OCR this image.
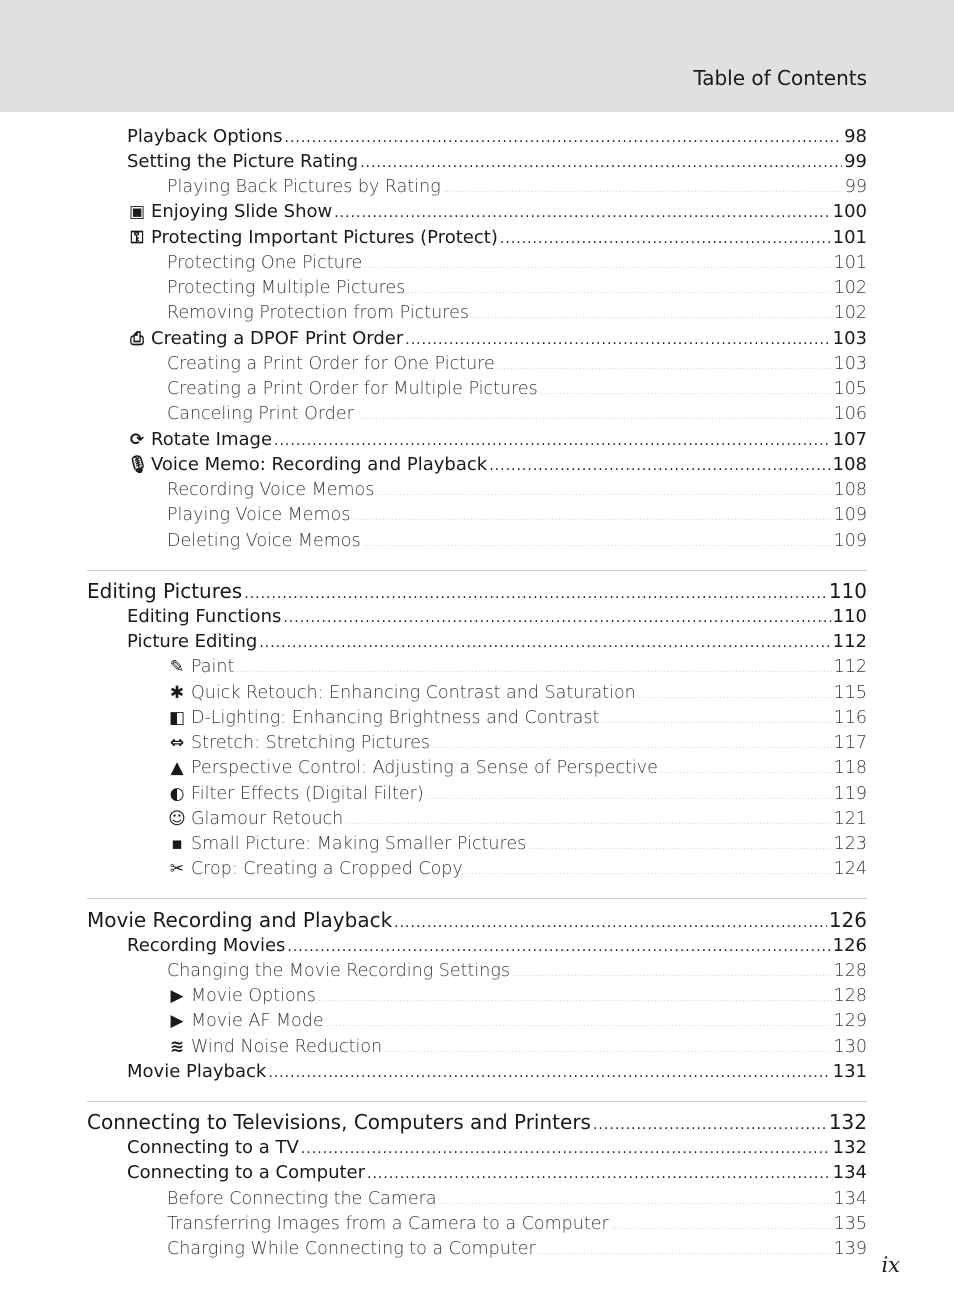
Table of Contents
Playback Options .....	98
Setting the Picture Rating .....	99
Playing Back Pictures by Rating .....	99
▣ Enjoying Slide Show .....	100
⚿ Protecting Important Pictures (Protect) .....	101
Protecting One Picture .....	101
Protecting Multiple Pictures .....	102
Removing Protection from Pictures .....	102
⎙ Creating a DPOF Print Order .....	103
Creating a Print Order for One Picture .....	103
Creating a Print Order for Multiple Pictures .....	105
Canceling Print Order .....	106
⟳ Rotate Image .....	107
🎙 Voice Memo: Recording and Playback .....	108
Recording Voice Memos .....	108
Playing Voice Memos .....	109
Deleting Voice Memos .....	109
Editing Pictures .....	110
Editing Functions .....	110
Picture Editing .....	112
✎ Paint .....	112
✱ Quick Retouch: Enhancing Contrast and Saturation .....	115
◧ D-Lighting: Enhancing Brightness and Contrast .....	116
⇔ Stretch: Stretching Pictures .....	117
▲ Perspective Control: Adjusting a Sense of Perspective .....	118
◐ Filter Effects (Digital Filter) .....	119
☺ Glamour Retouch .....	121
▪ Small Picture: Making Smaller Pictures .....	123
✂ Crop: Creating a Cropped Copy .....	124
Movie Recording and Playback .....	126
Recording Movies .....	126
Changing the Movie Recording Settings .....	128
▶ Movie Options .....	128
▶ Movie AF Mode .....	129
≋ Wind Noise Reduction .....	130
Movie Playback .....	131
Connecting to Televisions, Computers and Printers .....	132
Connecting to a TV .....	132
Connecting to a Computer .....	134
Before Connecting the Camera .....	134
Transferring Images from a Camera to a Computer .....	135
Charging While Connecting to a Computer .....	139
ix
